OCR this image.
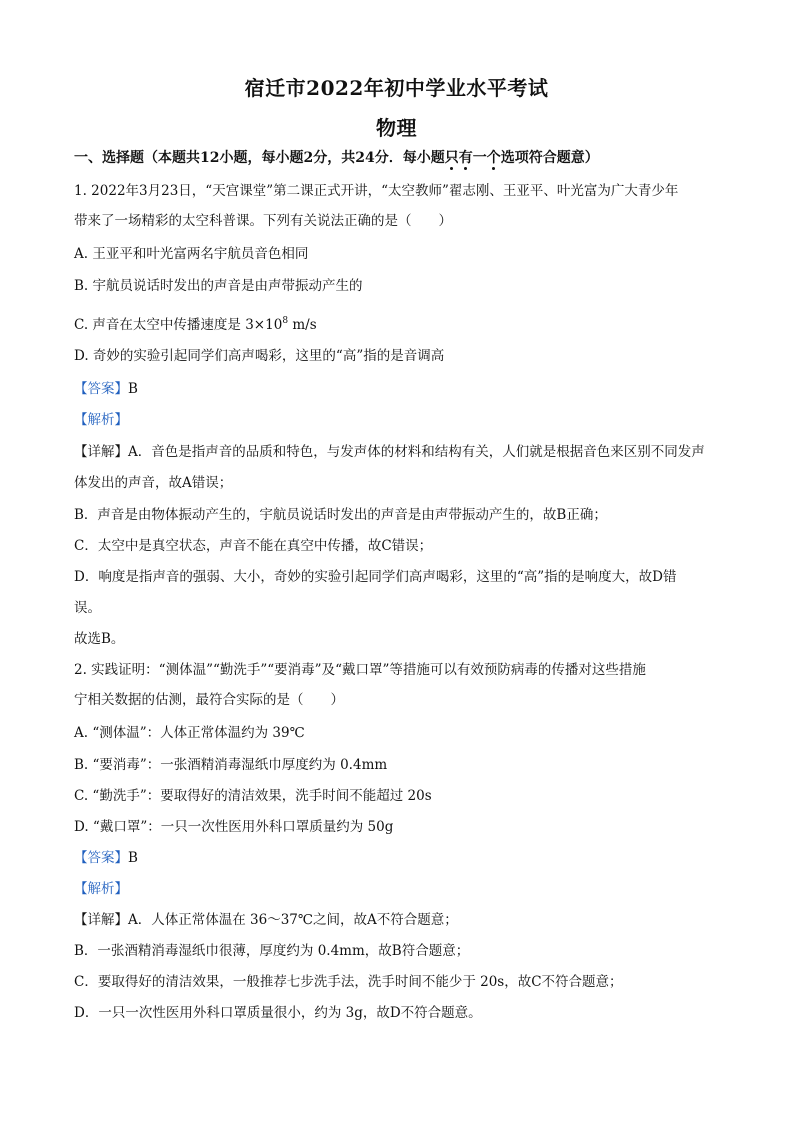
宿迁市2022年初中学业水平考试
物理
一、选择题（本题共12小题，每小题2分，共24分．每小题只有一个选项符合题意）
1. 2022年3月23日，“天宫课堂”第二课正式开讲，“太空教师”翟志刚、王亚平、叶光富为广大青少年
带来了一场精彩的太空科普课。下列有关说法正确的是（　　）
A. 王亚平和叶光富两名宇航员音色相同
B. 宇航员说话时发出的声音是由声带振动产生的
C. 声音在太空中传播速度是 $3\times 10^8$ m/s
D. 奇妙的实验引起同学们高声喝彩，这里的“高”指的是音调高
【答案】B
【解析】
【详解】A．音色是指声音的品质和特色，与发声体的材料和结构有关，人们就是根据音色来区别不同发声
体发出的声音，故A错误；
B．声音是由物体振动产生的，宇航员说话时发出的声音是由声带振动产生的，故B正确；
C．太空中是真空状态，声音不能在真空中传播，故C错误；
D．响度是指声音的强弱、大小，奇妙的实验引起同学们高声喝彩，这里的“高”指的是响度大，故D错
误。
故选B。
2. 实践证明：“测体温”“勤洗手”“要消毒”及“戴口罩”等措施可以有效预防病毒的传播对这些措施
宁相关数据的估测，最符合实际的是（　　）
A. “测体温”：人体正常体温约为 39℃
B. “要消毒”：一张酒精消毒湿纸巾厚度约为 0.4mm
C. “勤洗手”：要取得好的清洁效果，洗手时间不能超过 20s
D. “戴口罩”：一只一次性医用外科口罩质量约为 50g
【答案】B
【解析】
【详解】A．人体正常体温在 36～37℃之间，故A不符合题意；
B．一张酒精消毒湿纸巾很薄，厚度约为 0.4mm，故B符合题意；
C．要取得好的清洁效果，一般推荐七步洗手法，洗手时间不能少于 20s，故C不符合题意；
D．一只一次性医用外科口罩质量很小，约为 3g，故D不符合题意。
